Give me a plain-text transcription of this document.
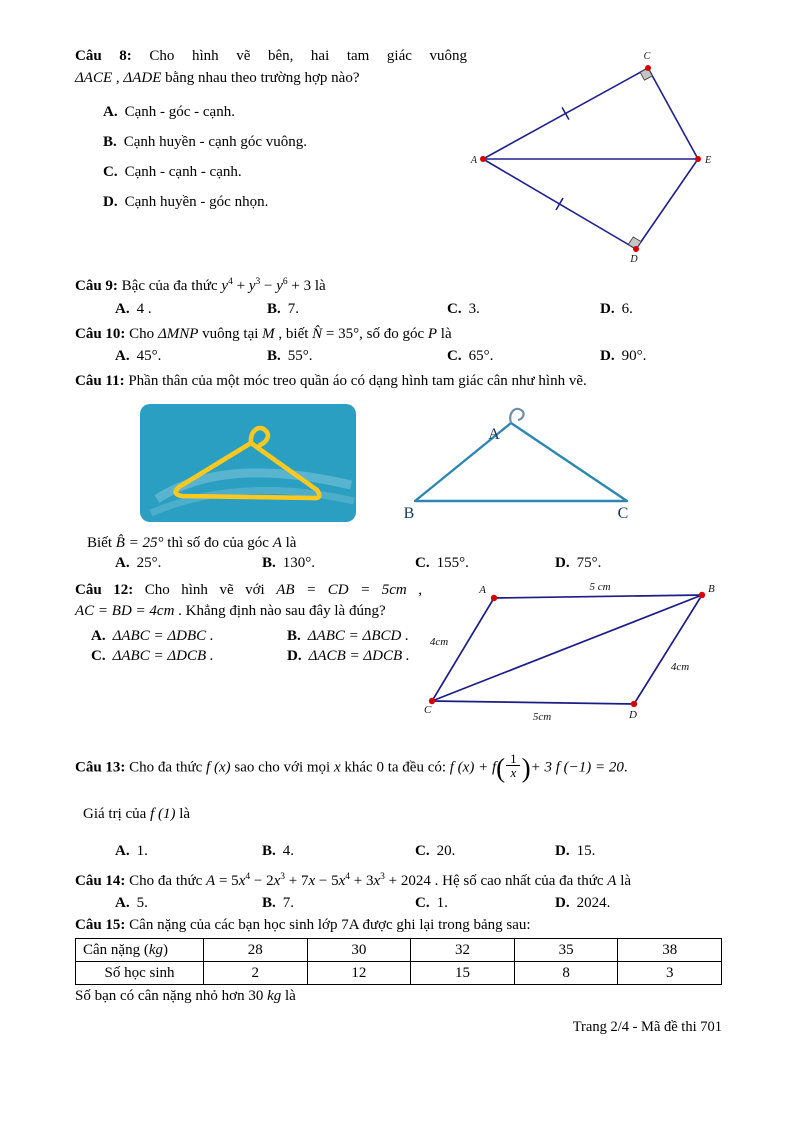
Câu 8: Cho hình vẽ bên, hai tam giác vuông

ΔACE , ΔADE bằng nhau theo trường hợp nào?

A. Cạnh - góc - cạnh.
B. Cạnh huyền - cạnh góc vuông.
C. Cạnh - cạnh - cạnh.
D. Cạnh huyền - góc nhọn.
A
C
E
D

Câu 9: Bậc của đa thức $y^4 + y^3 - y^6 + 3$ là

A. 4 .	B. 7.	C. 3.	D. 6.

Câu 10: Cho ΔMNP vuông tại M , biết N̂ = 35°, số đo góc P là

A. 45°.	B. 55°.	C. 65°.	D. 90°.

Câu 11: Phần thân của một móc treo quần áo có dạng hình tam giác cân như hình vẽ.

A
B	C

Biết B̂ = 25° thì số đo của góc A là

A. 25°.	B. 130°.	C. 155°.	D. 75°.

Câu 12: Cho hình vẽ với AB = CD = 5cm ,

AC = BD = 4cm . Khẳng định nào sau đây là đúng?

A. ΔABC = ΔDBC .	B. ΔABC = ΔBCD .
C. ΔABC = ΔDCB .	D. ΔACB = ΔDCB .
A	B
C	D
5 cm
4cm
4cm
5cm

Câu 13: Cho đa thức f (x) sao cho với mọi x khác 0 ta đều có: f $(x) + f( \frac{1}{x}$ )+ 3 f (−1) = 20.

Giá trị của f (1) là

A. 1.	B. 4.	C. 20.	D. 15.

Câu 14: Cho đa thức $A = 5x^4 - 2x^3 + 7x - 5x^4 + 3x^3 + 2024$ . Hệ số cao nhất của đa thức A là

A. 5.	B. 7.	C. 1.	D. 2024.

Câu 15: Cân nặng của các bạn học sinh lớp 7A được ghi lại trong bảng sau:

Cân nặng (kg)	28	30	32	35	38
Số học sinh	2	12	15	8	3

Số bạn có cân nặng nhỏ hơn 30 kg là

Trang 2/4 - Mã đề thi 701
